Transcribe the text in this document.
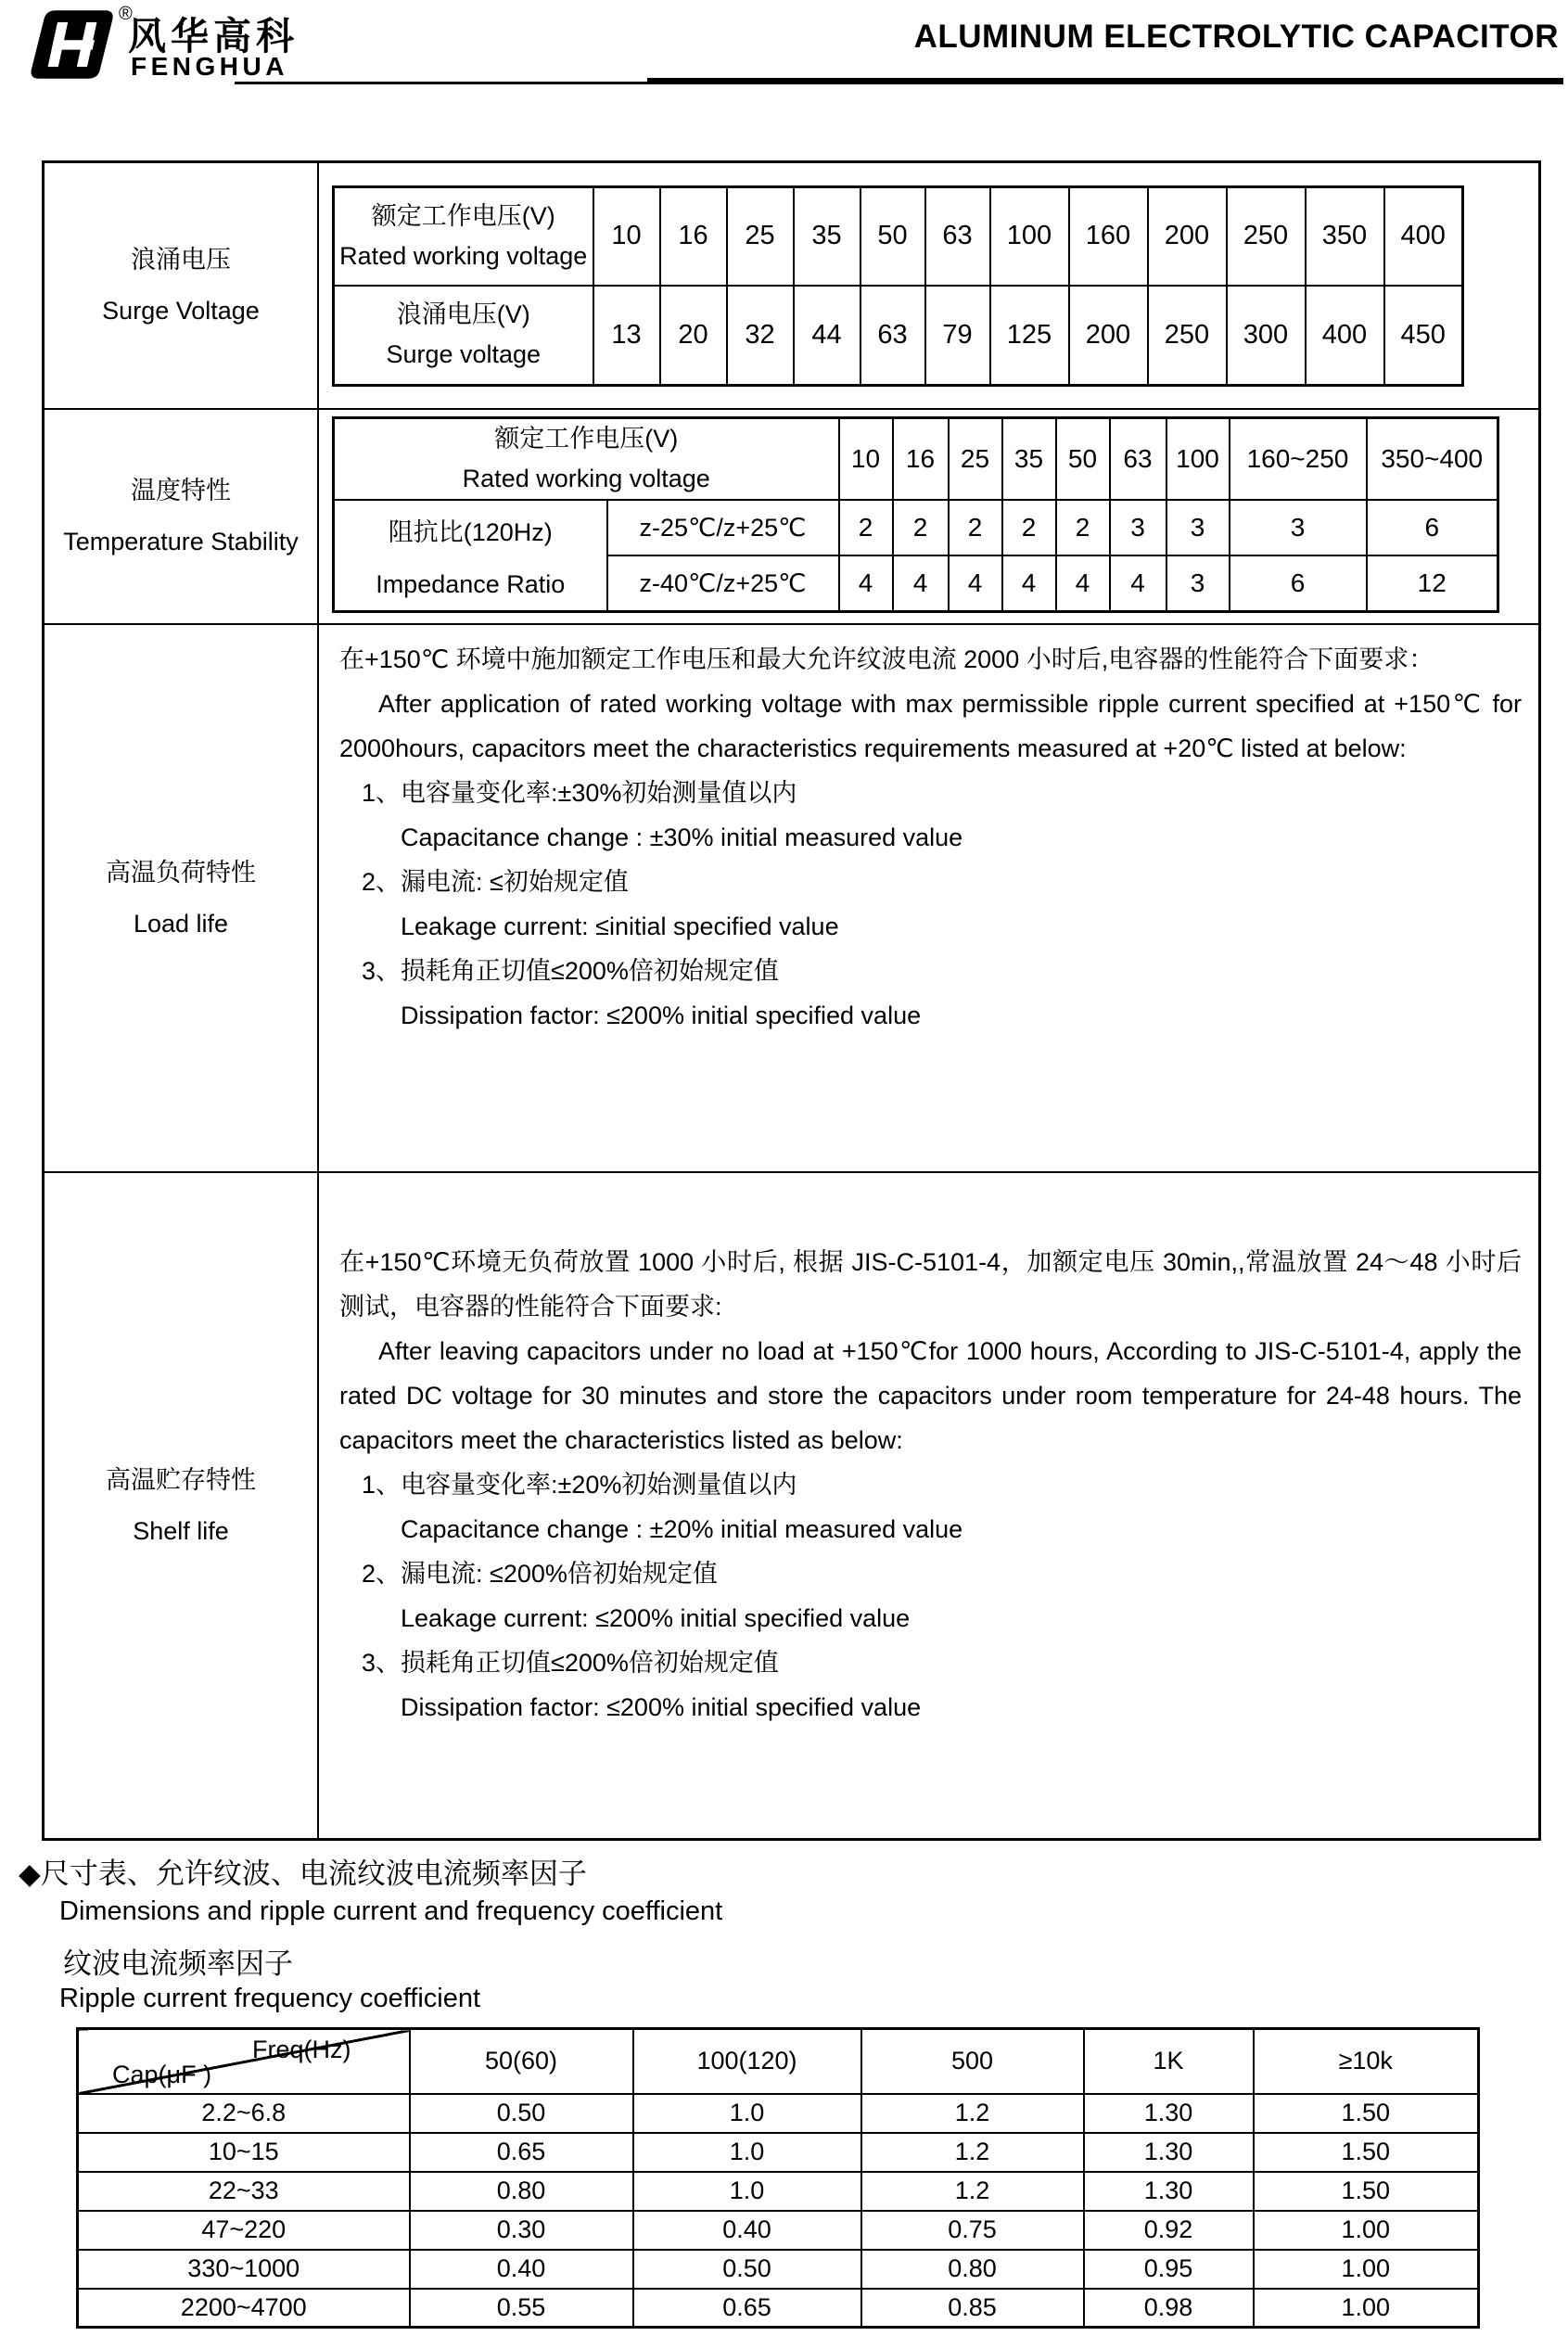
®
风华高科
FENGHUA
ALUMINUM ELECTROLYTIC CAPACITOR
浪涌电压
Surge Voltage
额定工作电压(V)
Rated working voltage	10	16	25	35	50	63	100	160	200	250	350	400

浪涌电压(V)
Surge voltage	13	20	32	44	63	79	125	200	250	300	400	450
温度特性
Temperature Stability
额定工作电压(V)
Rated working voltage		10	16	25	35	50	63	100	160~250	350~400

阻抗比(120Hz)
Impedance Ratio	z-25℃/z+25℃	2	2	2	2	2	3	3	3	6
	z-40℃/z+25℃	4	4	4	4	4	4	3	6	12
高温负荷特性
Load life

在+150℃ 环境中施加额定工作电压和最大允许纹波电流 2000 小时后,电容器的性能符合下面要求：

After application of rated working voltage with max permissible ripple current specified at +150℃ for 2000hours, capacitors meet the characteristics requirements measured at +20℃ listed at below:

1、电容量变化率:±30%初始测量值以内
Capacitance change : ±30% initial measured value
2、漏电流: ≤初始规定值
Leakage current: ≤initial specified value
3、损耗角正切值≤200%倍初始规定值
Dissipation factor: ≤200% initial specified value
高温贮存特性
Shelf life

在+150℃环境无负荷放置 1000 小时后, 根据 JIS-C-5101-4，加额定电压 30min,,常温放置 24～48 小时后测试，电容器的性能符合下面要求:

After leaving capacitors under no load at +150℃for 1000 hours, According to JIS-C-5101-4, apply the rated DC voltage for 30 minutes and store the capacitors under room temperature for 24-48 hours. The capacitors meet the characteristics listed as below:

1、电容量变化率:±20%初始测量值以内
Capacitance change : ±20% initial measured value
2、漏电流: ≤200%倍初始规定值
Leakage current: ≤200% initial specified value
3、损耗角正切值≤200%倍初始规定值
Dissipation factor: ≤200% initial specified value
◆尺寸表、允许纹波、电流纹波电流频率因子
Dimensions and ripple current and frequency coefficient
纹波电流频率因子
Ripple current frequency coefficient
Freq(Hz)
Cap(μF )	50(60)	100(120)	500	1K	≥10k
2.2~6.8	0.50	1.0	1.2	1.30	1.50
10~15	0.65	1.0	1.2	1.30	1.50
22~33	0.80	1.0	1.2	1.30	1.50
47~220	0.30	0.40	0.75	0.92	1.00
330~1000	0.40	0.50	0.80	0.95	1.00
2200~4700	0.55	0.65	0.85	0.98	1.00
